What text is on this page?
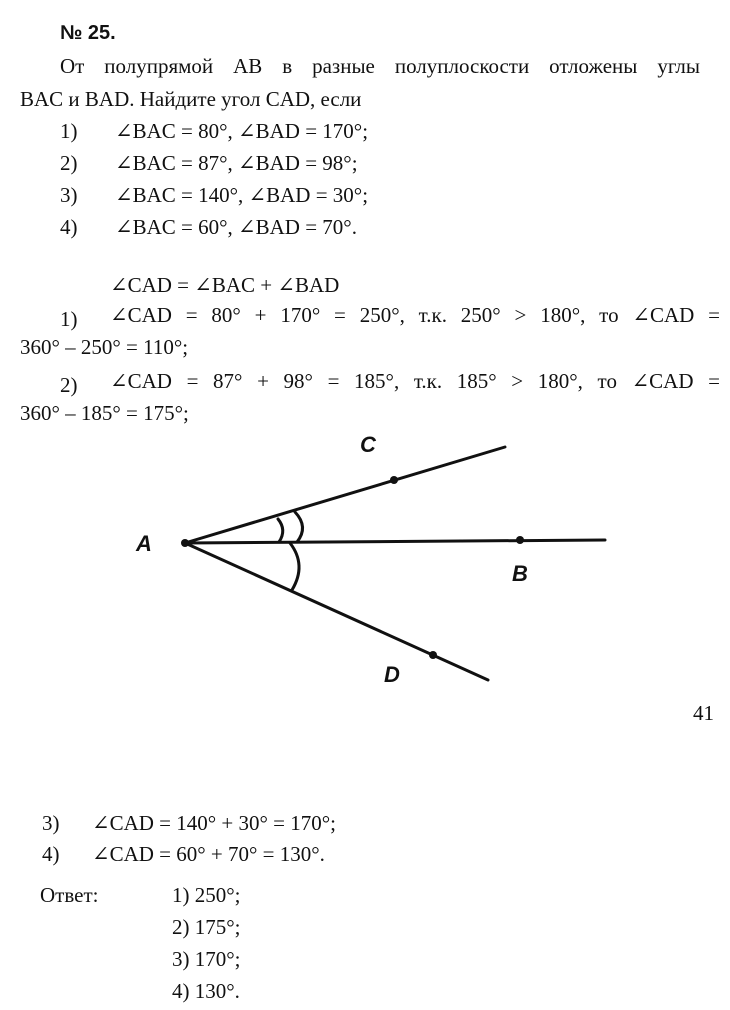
№ 25.
От полупрямой AB в разные полуплоскости отложены углы
BAC и BAD. Найдите угол CAD, если
1) ∠BAC = 80°, ∠BAD = 170°;
2) ∠BAC = 87°, ∠BAD = 98°;
3) ∠BAC = 140°, ∠BAD = 30°;
4) ∠BAC = 60°, ∠BAD = 70°.
∠CAD = ∠BAC + ∠BAD
1) ∠CAD = 80° + 170° = 250°, т.к. 250° > 180°, то ∠CAD =
360° – 250° = 110°;
2) ∠CAD = 87° + 98° = 185°, т.к. 185° > 180°, то ∠CAD =
360° – 185° = 175°;
A
C
B
D
41
3) ∠CAD = 140° + 30° = 170°;
4) ∠CAD = 60° + 70° = 130°.
Ответ:	1) 250°;
2) 175°;
3) 170°;
4) 130°.
